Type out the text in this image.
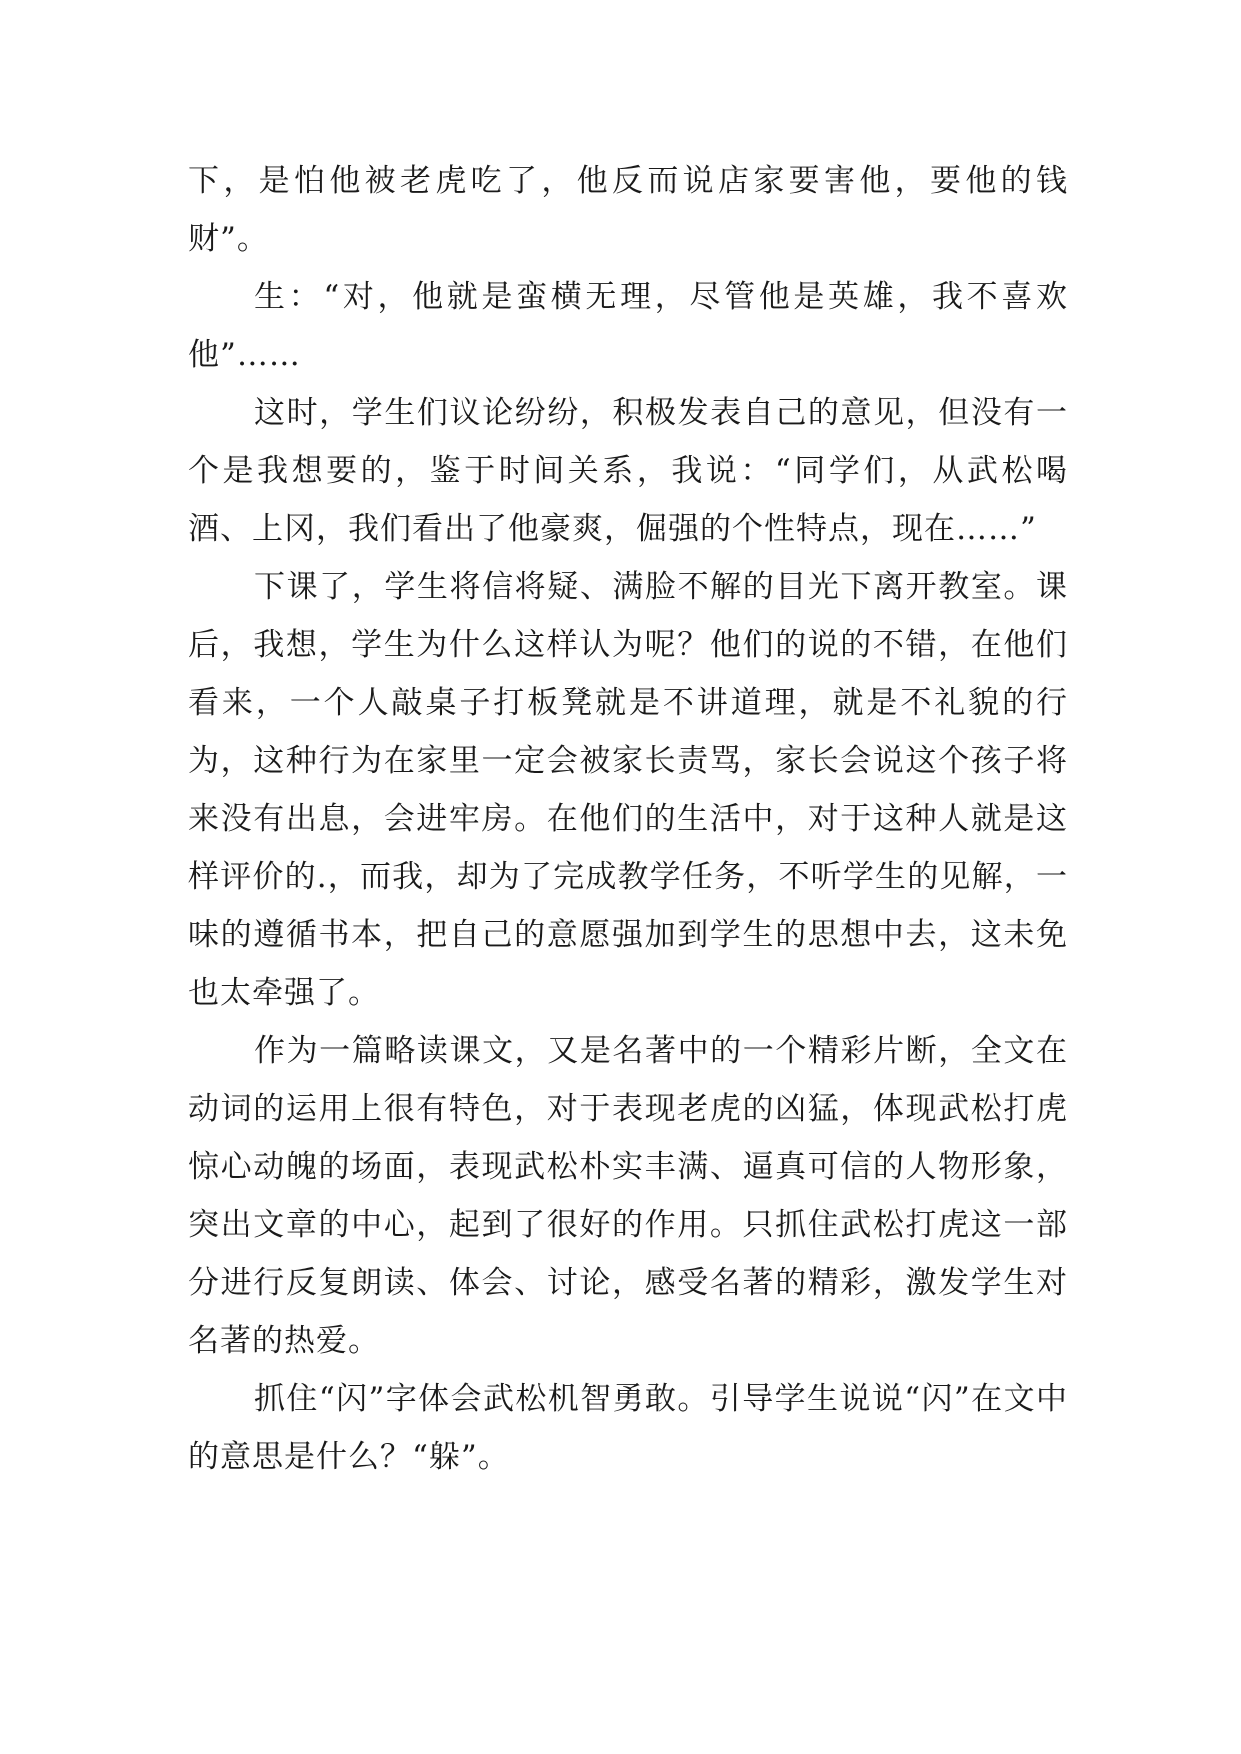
下，是怕他被老虎吃了，他反而说店家要害他，要他的钱财”。

生：“对，他就是蛮横无理，尽管他是英雄，我不喜欢他”……

这时，学生们议论纷纷，积极发表自己的意见，但没有一个是我想要的，鉴于时间关系，我说：“同学们，从武松喝酒、上冈，我们看出了他豪爽，倔强的个性特点，现在……”

下课了，学生将信将疑、满脸不解的目光下离开教室。课后，我想，学生为什么这样认为呢？他们的说的不错，在他们看来，一个人敲桌子打板凳就是不讲道理，就是不礼貌的行为，这种行为在家里一定会被家长责骂，家长会说这个孩子将来没有出息，会进牢房。在他们的生活中，对于这种人就是这样评价的.，而我，却为了完成教学任务，不听学生的见解，一味的遵循书本，把自己的意愿强加到学生的思想中去，这未免也太牵强了。

作为一篇略读课文，又是名著中的一个精彩片断，全文在动词的运用上很有特色，对于表现老虎的凶猛，体现武松打虎惊心动魄的场面，表现武松朴实丰满、逼真可信的人物形象，突出文章的中心，起到了很好的作用。只抓住武松打虎这一部分进行反复朗读、体会、讨论，感受名著的精彩，激发学生对名著的热爱。

抓住“闪”字体会武松机智勇敢。引导学生说说“闪”在文中的意思是什么？“躲”。
